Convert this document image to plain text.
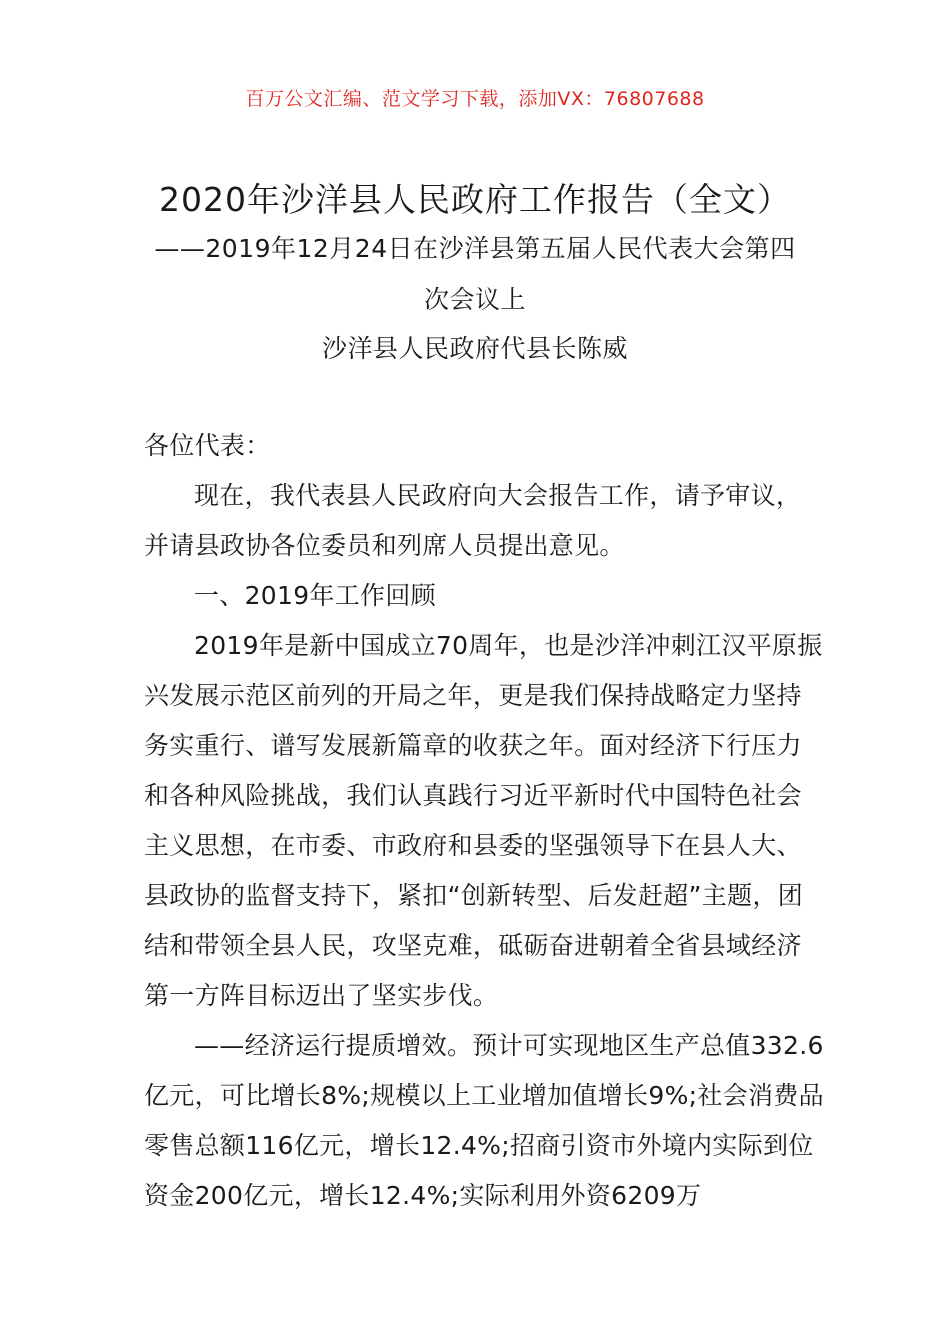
百万公文汇编、范文学习下载，添加VX：76807688
2020年沙洋县人民政府工作报告（全文）
——2019年12月24日在沙洋县第五届人民代表大会第四
次会议上
沙洋县人民政府代县长陈威
各位代表：

现在，我代表县人民政府向大会报告工作，请予审议，并请县政协各位委员和列席人员提出意见。

一、2019年工作回顾

2019年是新中国成立70周年，也是沙洋冲刺江汉平原振兴发展示范区前列的开局之年，更是我们保持战略定力坚持务实重行、谱写发展新篇章的收获之年。面对经济下行压力和各种风险挑战，我们认真践行习近平新时代中国特色社会主义思想，在市委、市政府和县委的坚强领导下在县人大、县政协的监督支持下，紧扣“创新转型、后发赶超”主题，团结和带领全县人民，攻坚克难，砥砺奋进朝着全省县域经济第一方阵目标迈出了坚实步伐。

——经济运行提质增效。预计可实现地区生产总值332.6亿元，可比增长8%;规模以上工业增加值增长9%;社会消费品零售总额116亿元，增长12.4%;招商引资市外境内实际到位资金200亿元，增长12.4%;实际利用外资6209万
